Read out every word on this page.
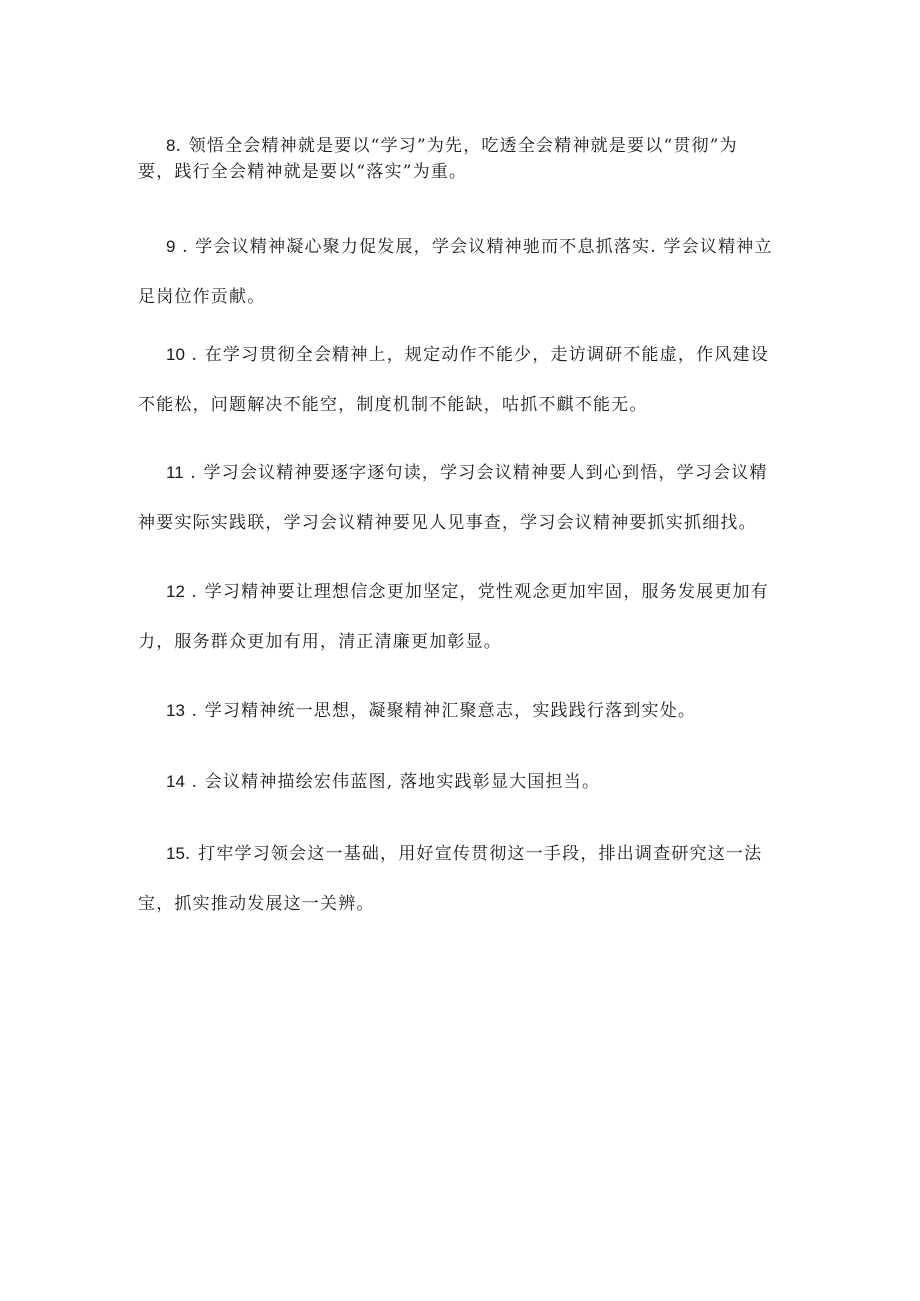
8. 领悟全会精神就是要以“学习”为先，吃透全会精神就是要以“贯彻”为
要，践行全会精神就是要以“落实”为重。
9 . 学会议精神凝心聚力促发展，学会议精神驰而不息抓落实. 学会议精神立
足岗位作贡献。
10 . 在学习贯彻全会精神上，规定动作不能少，走访调研不能虚，作风建设
不能松，问题解决不能空，制度机制不能缺，咕抓不麒不能无。
11 . 学习会议精神要逐字逐句读，学习会议精神要人到心到悟，学习会议精
神要实际实践联，学习会议精神要见人见事查，学习会议精神要抓实抓细找。
12 . 学习精神要让理想信念更加坚定，党性观念更加牢固，服务发展更加有
力，服务群众更加有用，清正清廉更加彰显。
13 . 学习精神统一思想，凝聚精神汇聚意志，实践践行落到实处。
14 . 会议精神描绘宏伟蓝图, 落地实践彰显大国担当。
15. 打牢学习领会这一基础，用好宣传贯彻这一手段，排出调查研究这一法
宝，抓实推动发展这一关辨。
